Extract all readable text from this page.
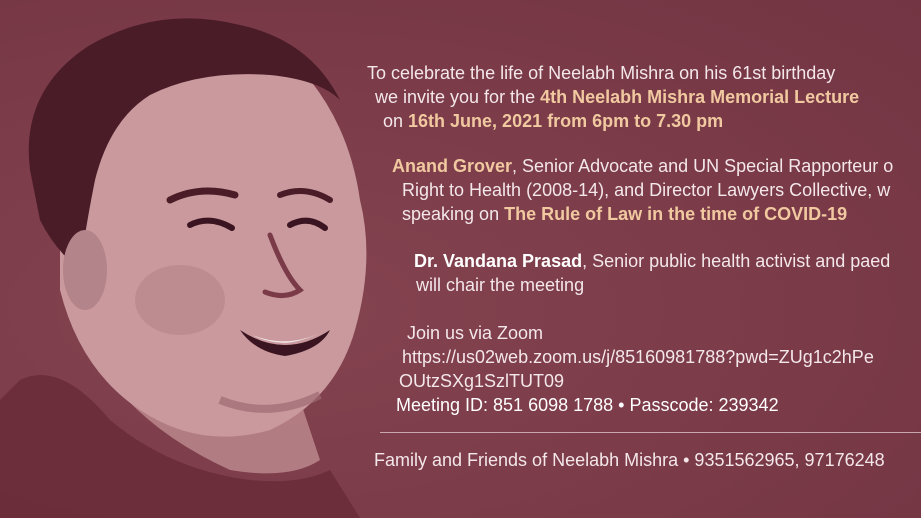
To celebrate the life of Neelabh Mishra on his 61st birthday
we invite you for the 4th Neelabh Mishra Memorial Lecture
on 16th June, 2021 from 6pm to 7.30 pm
Anand Grover, Senior Advocate and UN Special Rapporteur o
Right to Health (2008-14), and Director Lawyers Collective, w
speaking on The Rule of Law in the time of COVID-19
Dr. Vandana Prasad, Senior public health activist and paed
will chair the meeting
Join us via Zoom
https://us02web.zoom.us/j/85160981788?pwd=ZUg1c2hPe
OUtzSXg1SzlTUT09
Meeting ID: 851 6098 1788 • Passcode: 239342
Family and Friends of Neelabh Mishra • 9351562965, 97176248
